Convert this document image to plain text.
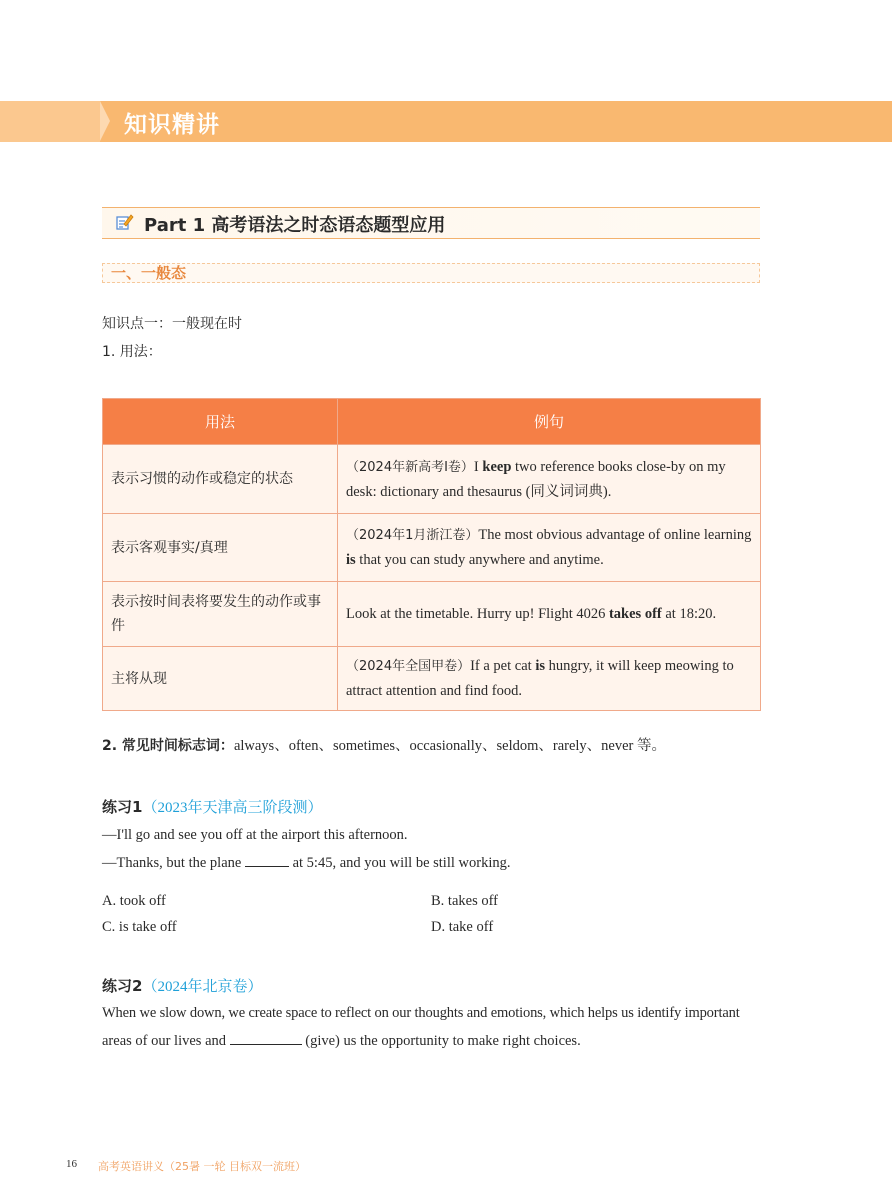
知识精讲
Part 1 高考语法之时态语态题型应用
一、一般态
知识点一：一般现在时
1. 用法：
用法	例句
表示习惯的动作或稳定的状态	（2024年新高考I卷）I keep two reference books close-by on my desk: dictionary and thesaurus (同义词词典).
表示客观事实/真理	（2024年1月浙江卷）The most obvious advantage of online learning is that you can study anywhere and anytime.
表示按时间表将要发生的动作或事件	Look at the timetable. Hurry up! Flight 4026 takes off at 18:20.
主将从现	（2024年全国甲卷）If a pet cat is hungry, it will keep meowing to attract attention and find food.
2. 常见时间标志词：always、often、sometimes、occasionally、seldom、rarely、never 等。
练习1（2023年天津高三阶段测）
—I'll go and see you off at the airport this afternoon.
—Thanks, but the plane	at 5:45, and you will be still working.
A. took off	B. takes off
C. is take off	D. take off
练习2（2024年北京卷）
When we slow down, we create space to reflect on our thoughts and emotions, which helps us identify important
areas of our lives and	(give) us the opportunity to make right choices.
16 高考英语讲义（25暑 一轮 目标双一流班）
